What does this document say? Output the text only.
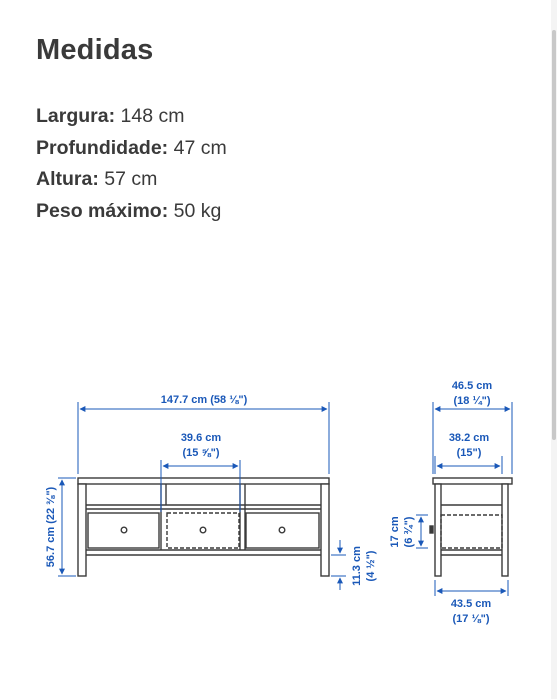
Medidas
Largura: 148 cm
Profundidade: 47 cm
Altura: 57 cm
Peso máximo: 50 kg
147.7 cm (58 ⅛")
39.6 cm
(15 ⅝")
56.7 cm (22 ⅜")	11.3 cm (4 ½")
46.5 cm
(18 ¼")
38.2 cm
(15")
17 cm (6 ¾")
43.5 cm
(17 ⅛")
